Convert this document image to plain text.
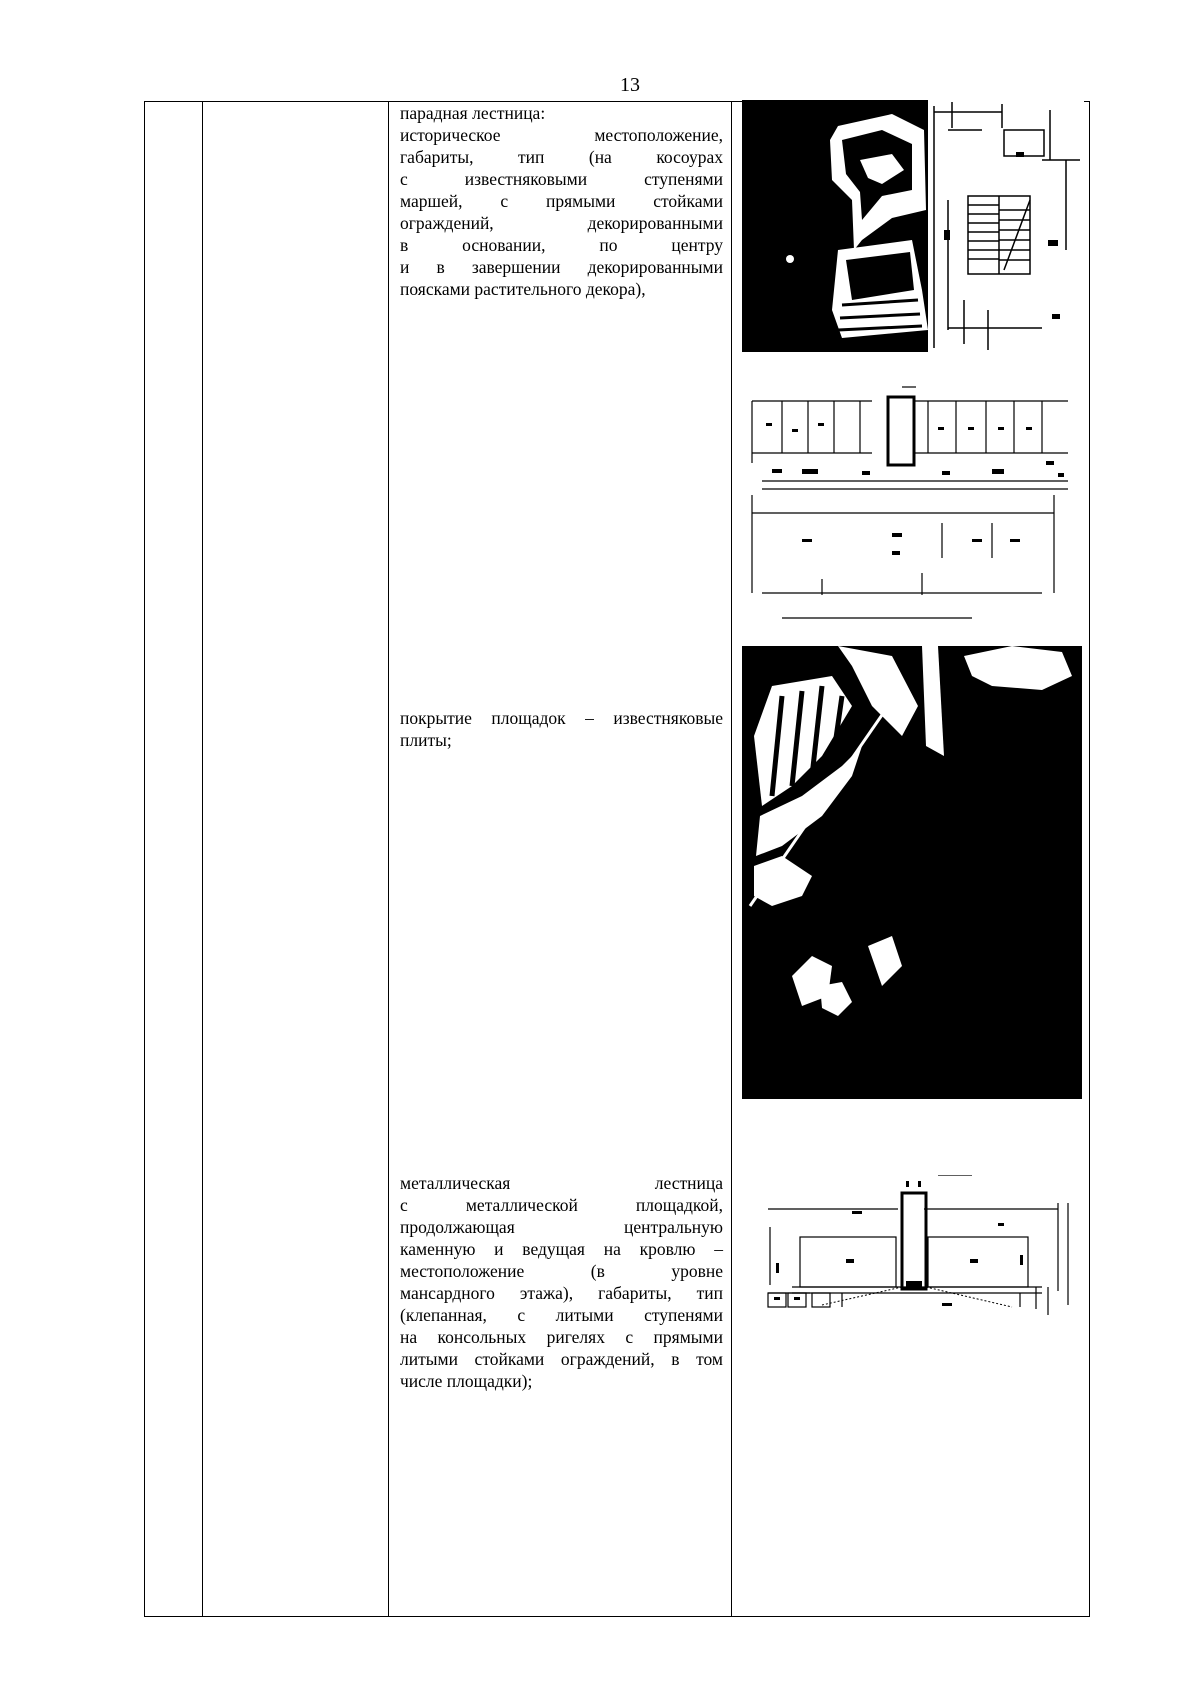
13
парадная лестница:
историческое местоположение,
габариты, тип (на косоурах
с известняковыми ступенями
маршей, с прямыми стойками
ограждений, декорированными
в основании, по центру
и в завершении декорированными
поясками растительного декора),
покрытие площадок – известняковые
плиты;
металлическая лестница
с металлической площадкой,
продолжающая центральную
каменную и ведущая на кровлю –
местоположение (в уровне
мансардного этажа), габариты, тип
(клепанная, с литыми ступенями
на консольных ригелях с прямыми
литыми стойками ограждений, в том
числе площадки);
